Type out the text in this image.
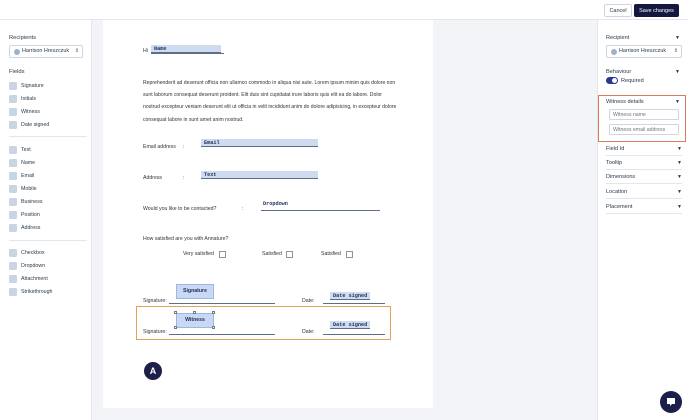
Cancel	Save changes
Recipients
Harrison Hreszczuk ⇕
Fields
Signature
Initials
Witness
Date signed
Text
Name
Email
Mobile
Business
Position
Address
Checkbox
Dropdown
Attachment
Strikethrough
Hi	Name
Reprehenderit ad deserunt officia non ullamco commodo in aliqua nisi aute. Lorem ipsum minim quis dolore non sunt laborum consequat deserunt proident. Elit duis sint cupidatat irure laboris quis elit ea do labore. Dolor nostrud excepteur veniam deserunt elit ut officia in velit incididunt anim do dolore adipisicing, in excepteur dolore consequat labore in sunt amet anim nostrud.
Email address :
Email
Address	:	Text
Would you like to be contacted?	:
Dropdown
How satisfied are you with Annature?
Very satisfied	Satisfied	Satisfied
Signature
Signature:	Date:
Date signed
Witness
Signature:	Date:
Date signed
A
Recipient	▼
Harrison Hreszczuk ⇕
Behaviour	▼
Required
Witness details	▼
Witness name
Witness email address
Field Id	▼
Tooltip	▼
Dimensions	▼
Location	▼
Placement	▼
